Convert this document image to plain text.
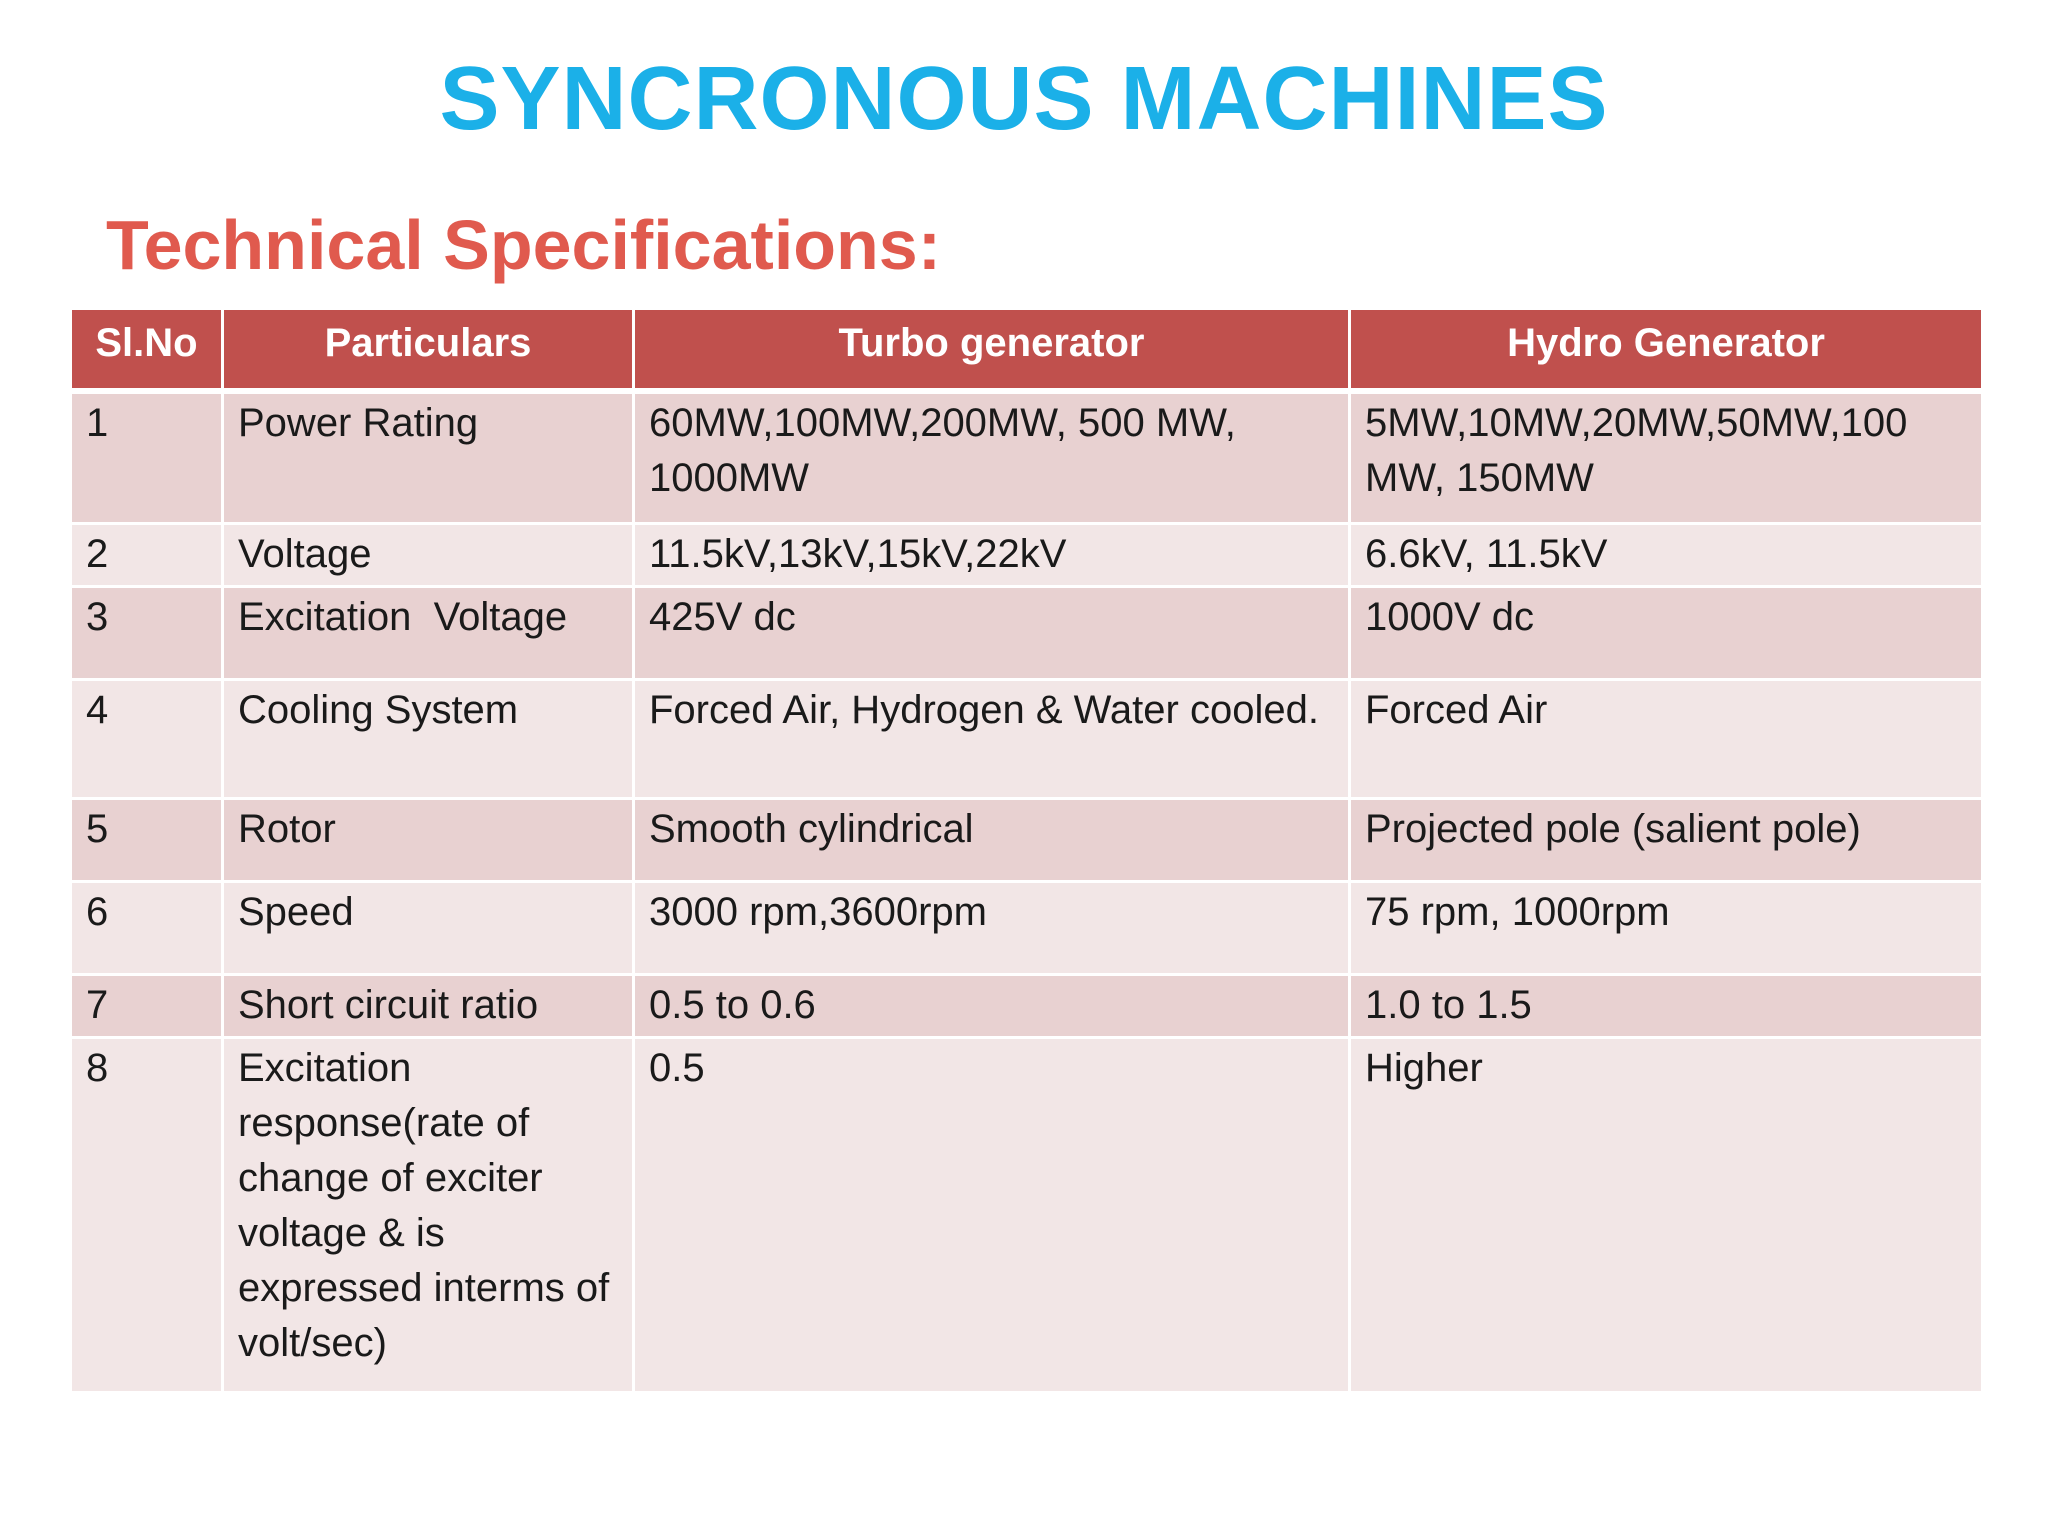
SYNCRONOUS MACHINES
Technical Specifications:
Sl.No	Particulars	Turbo generator	Hydro Generator
1	Power Rating	60MW,100MW,200MW, 500 MW, 1000MW	5MW,10MW,20MW,50MW,100 MW, 150MW
2	Voltage	11.5kV,13kV,15kV,22kV	6.6kV, 11.5kV
3	Excitation  Voltage	425V dc	1000V dc
4	Cooling System	Forced Air, Hydrogen & Water cooled.	Forced Air
5	Rotor	Smooth cylindrical	Projected pole (salient pole)
6	Speed	3000 rpm,3600rpm	75 rpm, 1000rpm
7	Short circuit ratio	0.5 to 0.6	1.0 to 1.5
8	Excitation response(rate of change of exciter voltage & is expressed interms of volt/sec)	0.5	Higher
